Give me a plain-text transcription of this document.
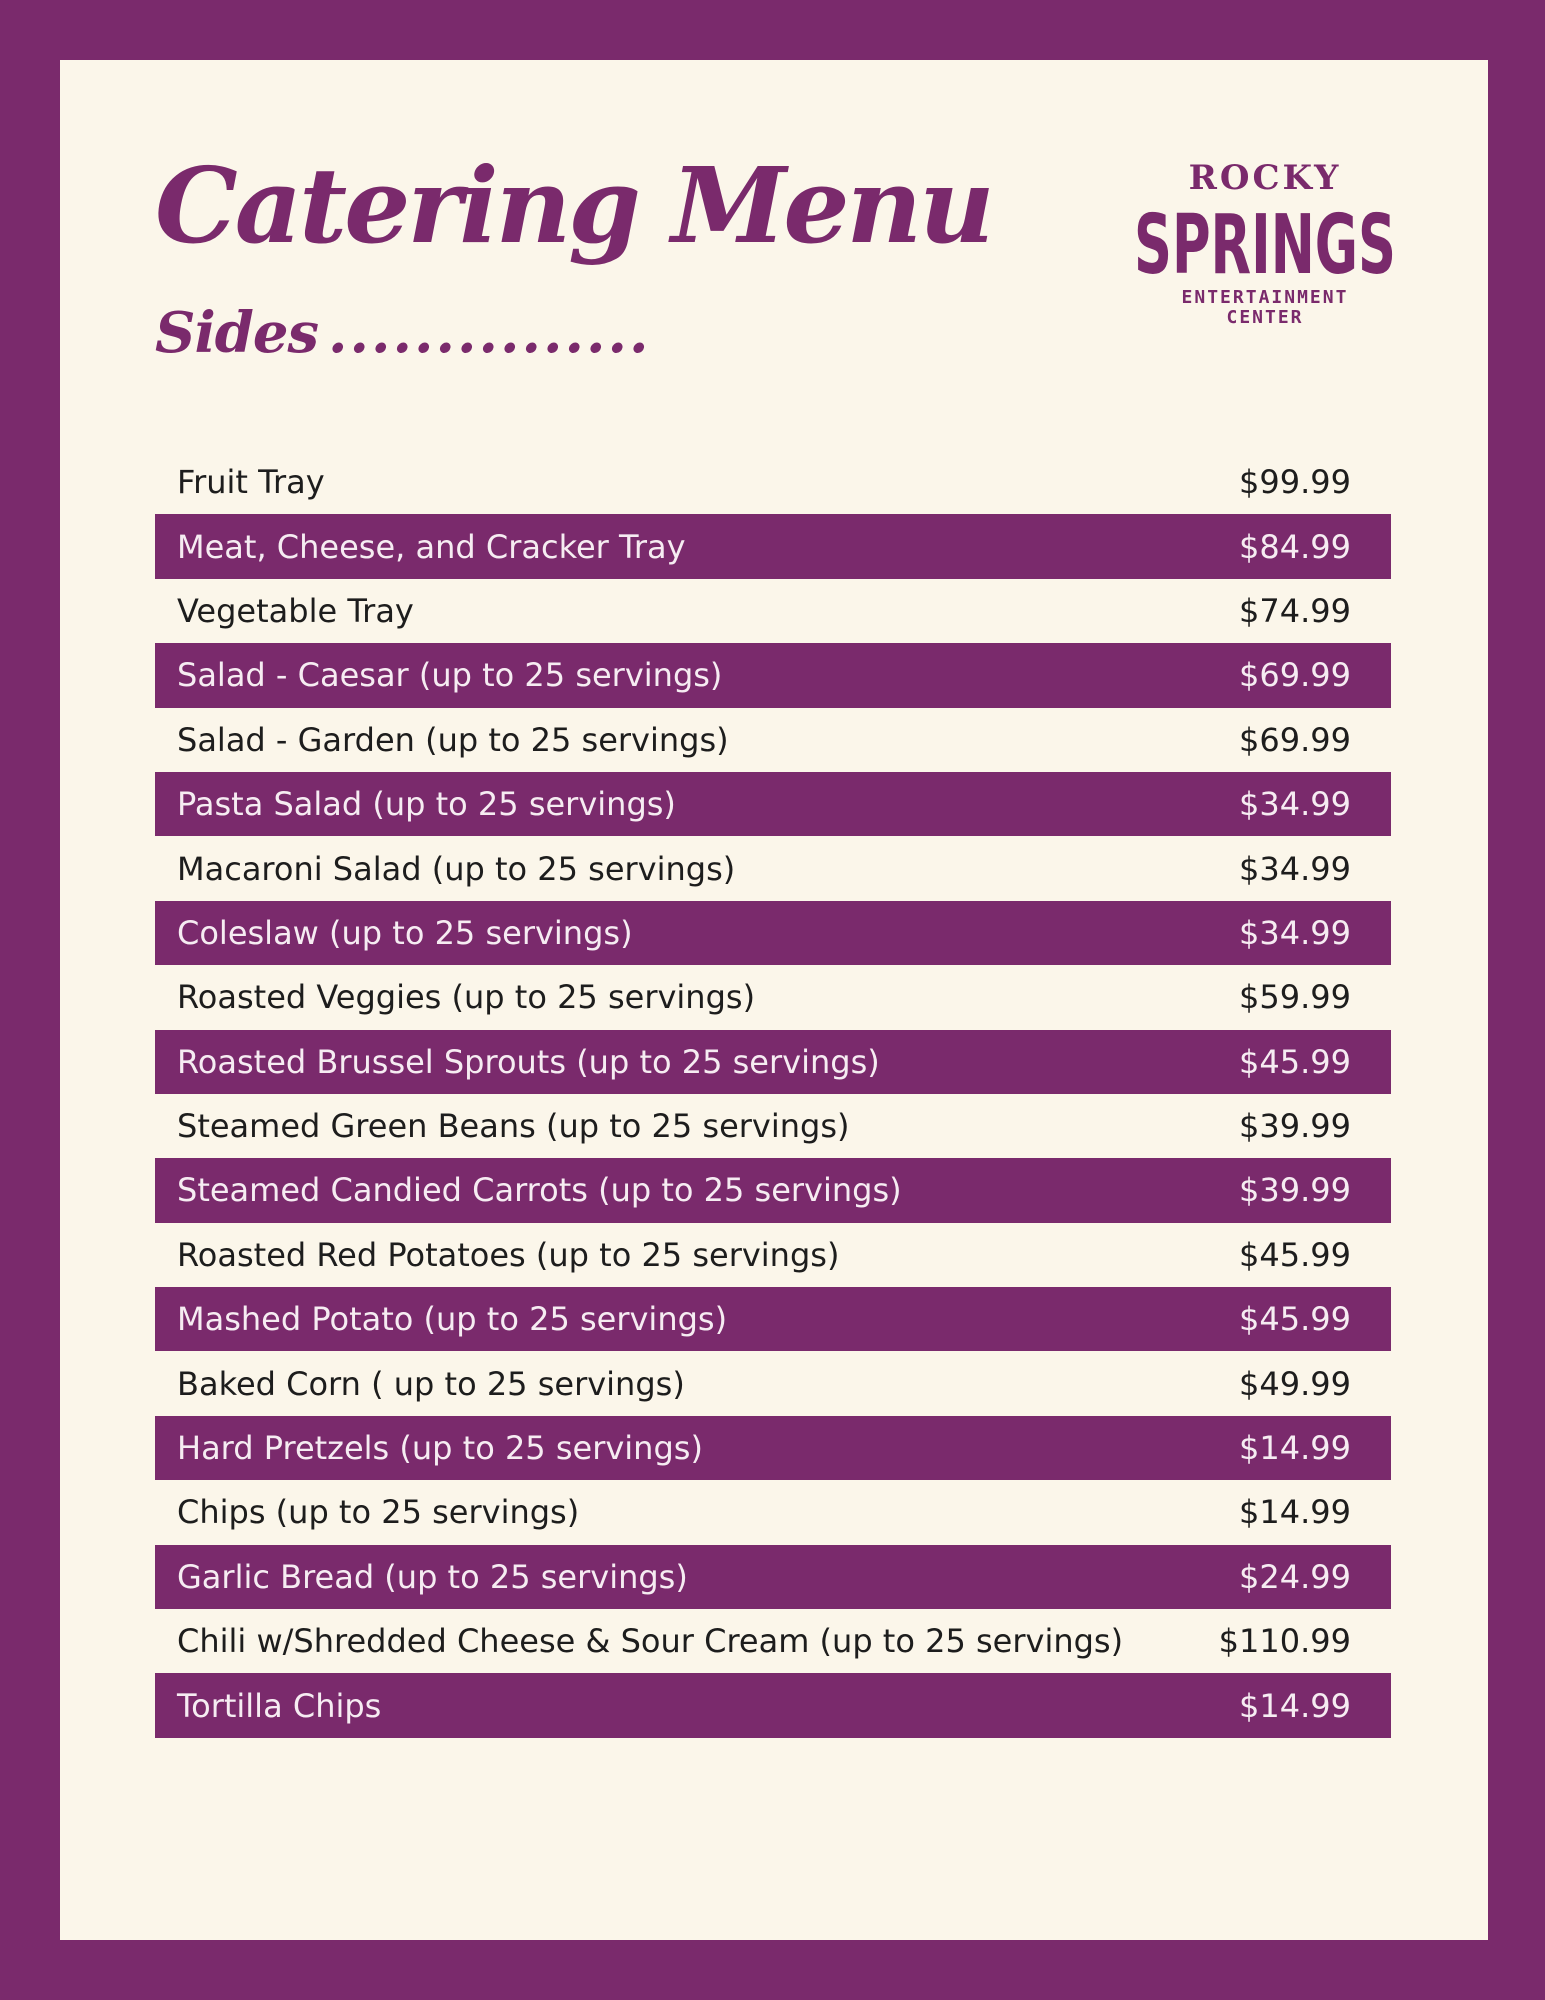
Catering Menu	ROCKY
SPRINGS
ENTERTAINMENT
CENTER
Sides ...............
Fruit Tray	$99.99
Meat, Cheese, and Cracker Tray	$84.99
Vegetable Tray	$74.99
Salad - Caesar (up to 25 servings)	$69.99
Salad - Garden (up to 25 servings)	$69.99
Pasta Salad (up to 25 servings)	$34.99
Macaroni Salad (up to 25 servings)	$34.99
Coleslaw (up to 25 servings)	$34.99
Roasted Veggies (up to 25 servings)	$59.99
Roasted Brussel Sprouts (up to 25 servings)	$45.99
Steamed Green Beans (up to 25 servings)	$39.99
Steamed Candied Carrots (up to 25 servings)	$39.99
Roasted Red Potatoes (up to 25 servings)	$45.99
Mashed Potato (up to 25 servings)	$45.99
Baked Corn ( up to 25 servings)	$49.99
Hard Pretzels (up to 25 servings)	$14.99
Chips (up to 25 servings)	$14.99
Garlic Bread (up to 25 servings)	$24.99
Chili w/Shredded Cheese & Sour Cream (up to 25 servings)	$110.99
Tortilla Chips	$14.99
